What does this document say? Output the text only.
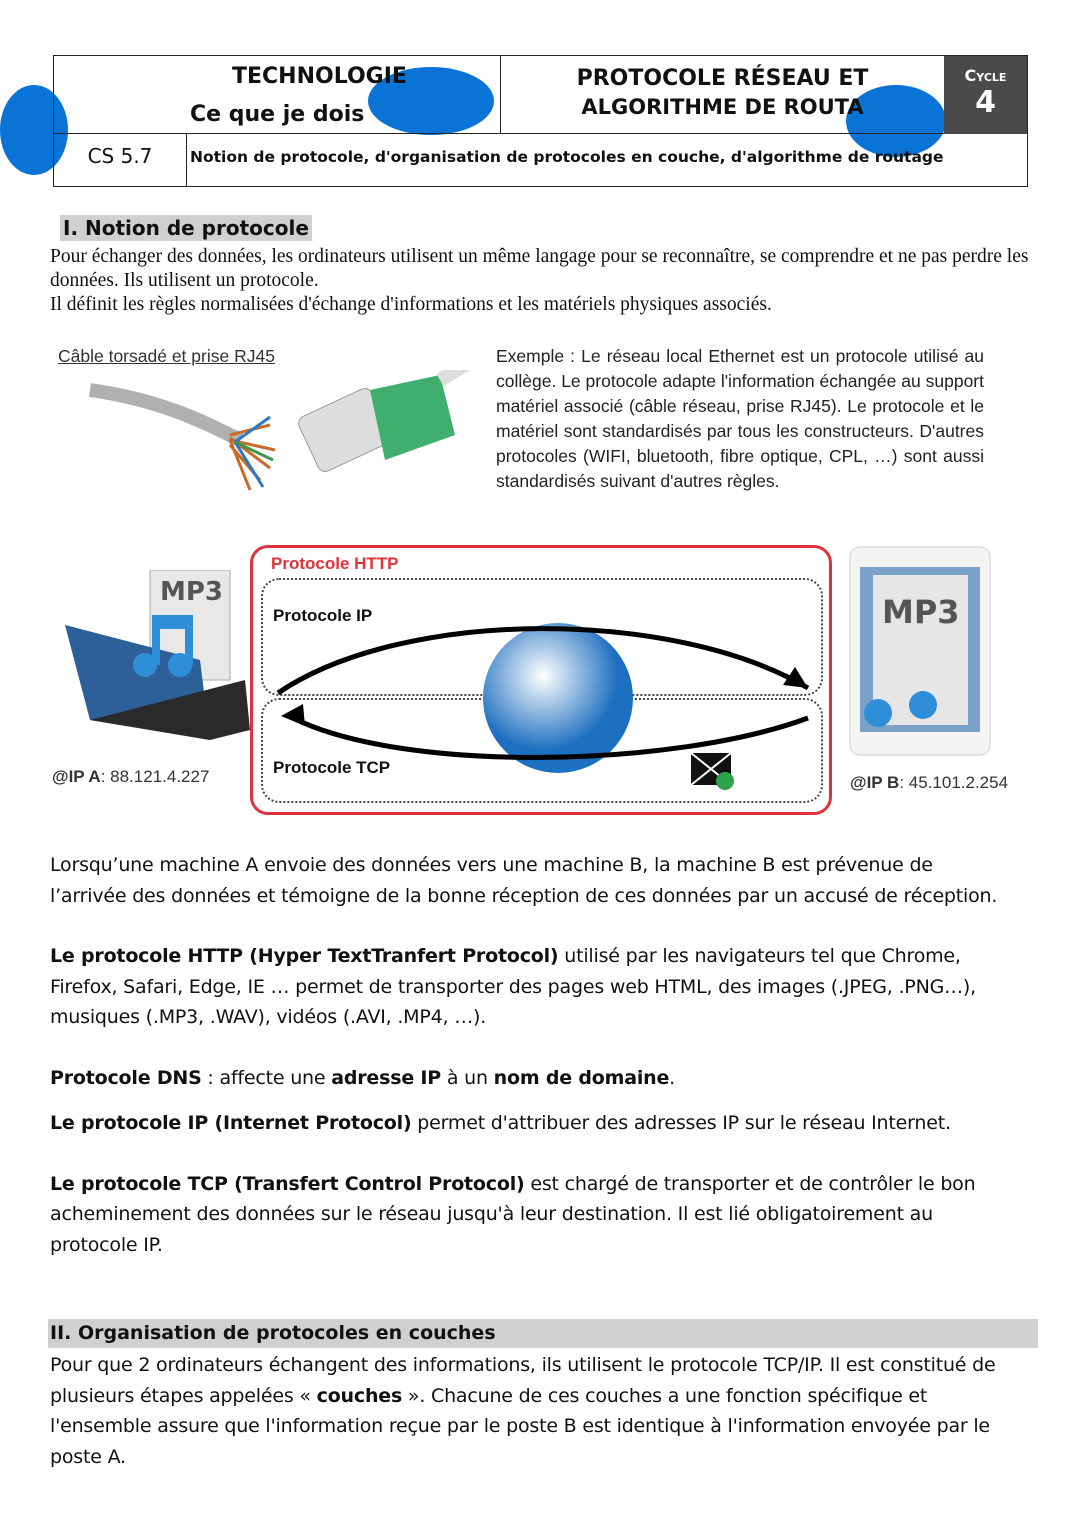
TECHNOLOGIE
Ce que je dois
PROTOCOLE RÉSEAU ET
ALGORITHME DE ROUTA
Cycle
4
CS 5.7	Notion de protocole, d'organisation de protocoles en couche, d'algorithme de routage
I. Notion de protocole
Pour échanger des données, les ordinateurs utilisent un même langage pour se reconnaître, se comprendre et ne pas perdre les données. Ils utilisent un protocole.
Il définit les règles normalisées d'échange d'informations et les matériels physiques associés.
Câble torsadé et prise RJ45	Exemple : Le réseau local Ethernet est un protocole utilisé au collège. Le protocole adapte l'information échangée au support matériel associé (câble réseau, prise RJ45). Le protocole et le matériel sont standardisés par tous les constructeurs. D'autres protocoles (WIFI, bluetooth, fibre optique, CPL, …) sont aussi standardisés suivant d'autres règles.
MP3
@IP A: 88.121.4.227
Protocole HTTP
Protocole IP
Protocole TCP
MP3
@IP B: 45.101.2.254
Lorsqu’une machine A envoie des données vers une machine B, la machine B est prévenue de l’arrivée des données et témoigne de la bonne réception de ces données par un accusé de réception.
Le protocole HTTP (Hyper TextTranfert Protocol) utilisé par les navigateurs tel que Chrome, Firefox, Safari, Edge, IE … permet de transporter des pages web HTML, des images (.JPEG, .PNG…), musiques (.MP3, .WAV), vidéos (.AVI, .MP4, …).
Protocole DNS : affecte une adresse IP à un nom de domaine.
Le protocole IP (Internet Protocol) permet d'attribuer des adresses IP sur le réseau Internet.
Le protocole TCP (Transfert Control Protocol) est chargé de transporter et de contrôler le bon acheminement des données sur le réseau jusqu'à leur destination. Il est lié obligatoirement au protocole IP.
II. Organisation de protocoles en couches
Pour que 2 ordinateurs échangent des informations, ils utilisent le protocole TCP/IP. Il est constitué de plusieurs étapes appelées « couches ». Chacune de ces couches a une fonction spécifique et l'ensemble assure que l'information reçue par le poste B est identique à l'information envoyée par le poste A.
